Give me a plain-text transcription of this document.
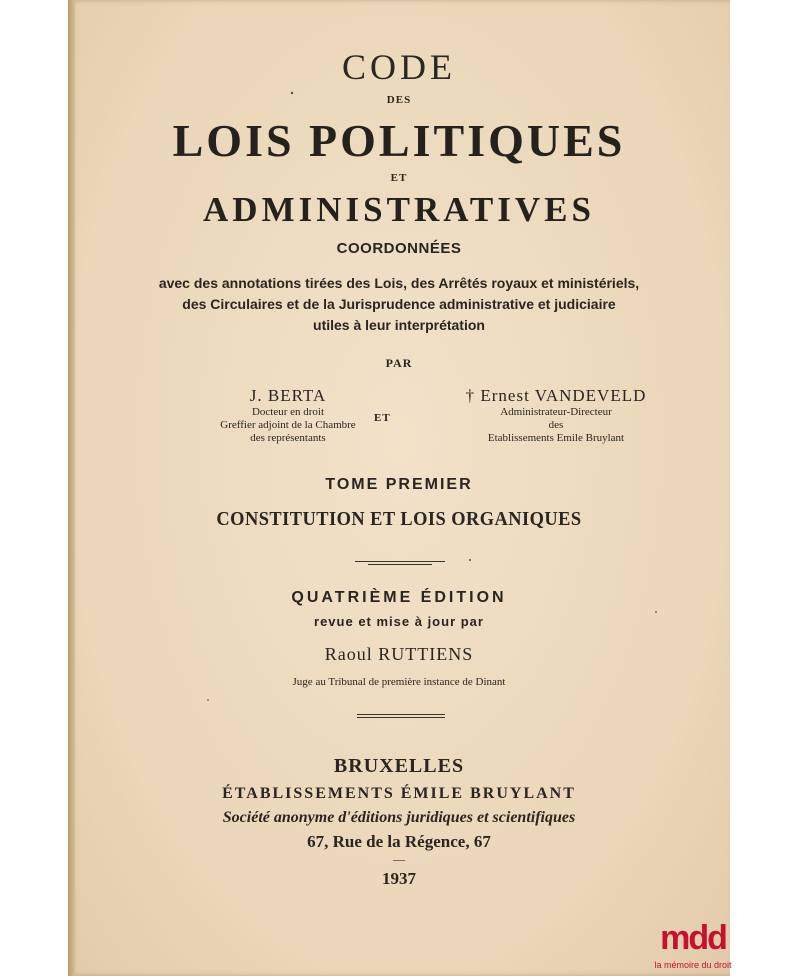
CODE
DES
LOIS POLITIQUES
ET
ADMINISTRATIVES
COORDONNÉES
avec des annotations tirées des Lois, des Arrêtés royaux et ministériels,
des Circulaires et de la Jurisprudence administrative et judiciaire
utiles à leur interprétation
PAR
J. BERTA
Docteur en droit
Greffier adjoint de la Chambre
des représentants
ET
† Ernest VANDEVELD
Administrateur-Directeur
des
Etablissements Emile Bruylant
TOME PREMIER
CONSTITUTION ET LOIS ORGANIQUES
QUATRIÈME ÉDITION
revue et mise à jour par
Raoul RUTTIENS
Juge au Tribunal de première instance de Dinant
BRUXELLES
ÉTABLISSEMENTS ÉMILE BRUYLANT
Société anonyme d'éditions juridiques et scientifiques
67, Rue de la Régence, 67
—
1937
mdd
la mémoire du droit
